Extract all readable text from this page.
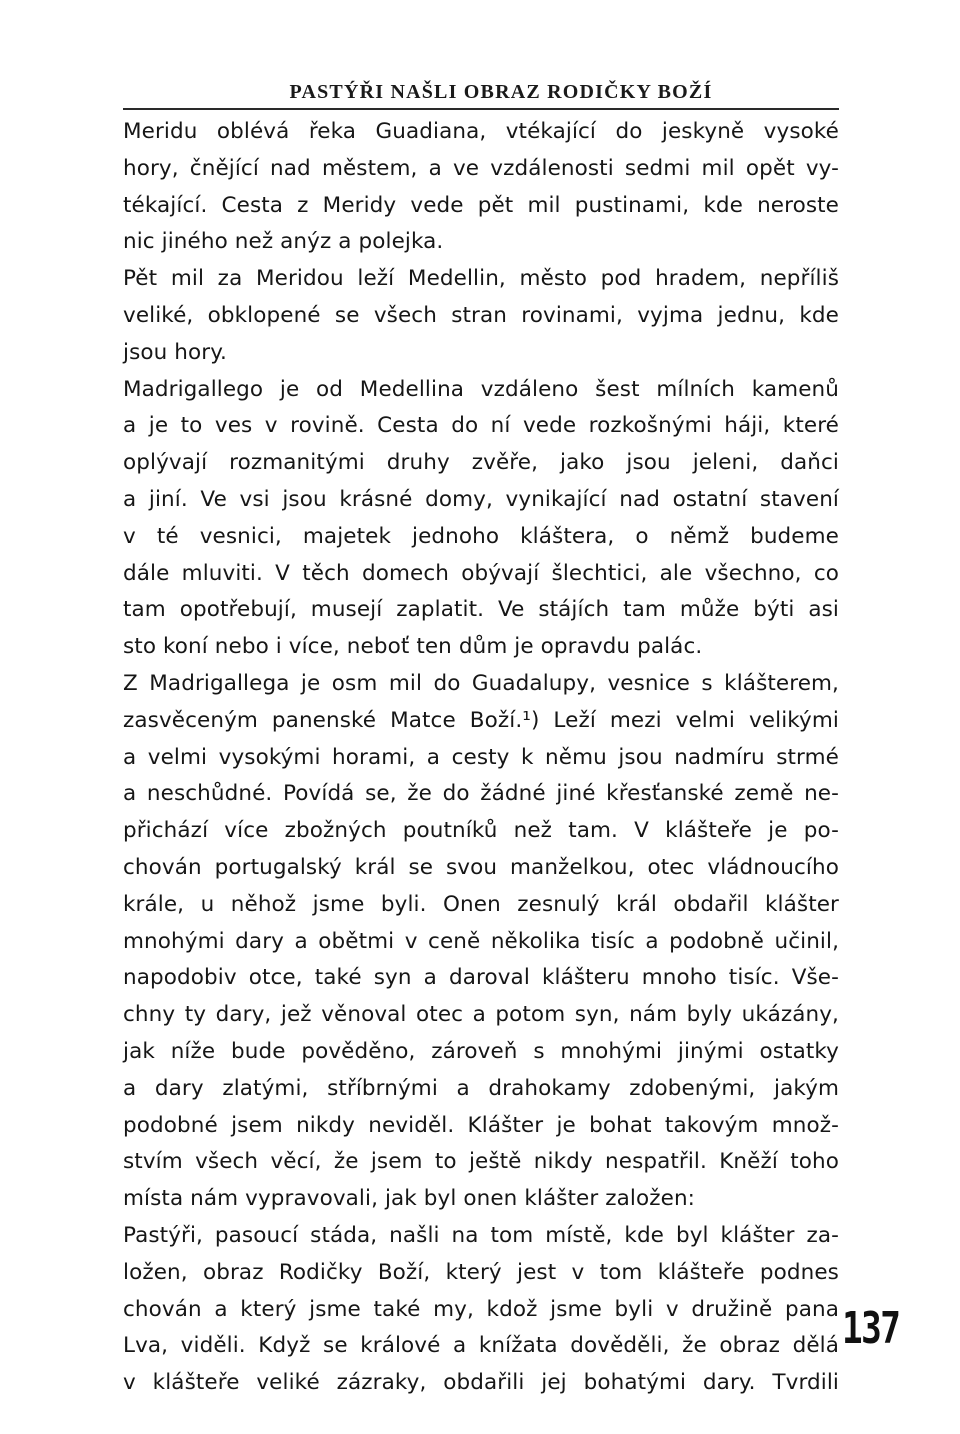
PASTÝŘI NAŠLI OBRAZ RODIČKY BOŽÍ
Meridu oblévá řeka Guadiana, vtékající do jeskyně vysoké
hory, čnějící nad městem, a ve vzdálenosti sedmi mil opět vy-
tékající. Cesta z Meridy vede pět mil pustinami, kde neroste
nic jiného než anýz a polejka.
Pět mil za Meridou leží Medellin, město pod hradem, nepříliš
veliké, obklopené se všech stran rovinami, vyjma jednu, kde
jsou hory.
Madrigallego je od Medellina vzdáleno šest mílních kamenů
a je to ves v rovině. Cesta do ní vede rozkošnými háji, které
oplývají rozmanitými druhy zvěře, jako jsou jeleni, daňci
a jiní. Ve vsi jsou krásné domy, vynikající nad ostatní stavení
v té vesnici, majetek jednoho kláštera, o němž budeme
dále mluviti. V těch domech obývají šlechtici, ale všechno, co
tam opotřebují, musejí zaplatit. Ve stájích tam může býti asi
sto koní nebo i více, neboť ten dům je opravdu palác.
Z Madrigallega je osm mil do Guadalupy, vesnice s klášterem,
zasvěceným panenské Matce Boží.¹) Leží mezi velmi velikými
a velmi vysokými horami, a cesty k němu jsou nadmíru strmé
a neschůdné. Povídá se, že do žádné jiné křesťanské země ne-
přichází více zbožných poutníků než tam. V klášteře je po-
chován portugalský král se svou manželkou, otec vládnoucího
krále, u něhož jsme byli. Onen zesnulý král obdařil klášter
mnohými dary a obětmi v ceně několika tisíc a podobně učinil,
napodobiv otce, také syn a daroval klášteru mnoho tisíc. Vše-
chny ty dary, jež věnoval otec a potom syn, nám byly ukázány,
jak níže bude pověděno, zároveň s mnohými jinými ostatky
a dary zlatými, stříbrnými a drahokamy zdobenými, jakým
podobné jsem nikdy neviděl. Klášter je bohat takovým množ-
stvím všech věcí, že jsem to ještě nikdy nespatřil. Kněží toho
místa nám vypravovali, jak byl onen klášter založen:
Pastýři, pasoucí stáda, našli na tom místě, kde byl klášter za-
ložen, obraz Rodičky Boží, který jest v tom klášteře podnes
chován a který jsme také my, kdož jsme byli v družině pana
Lva, viděli. Když se králové a knížata dověděli, že obraz dělá
v klášteře veliké zázraky, obdařili jej bohatými dary. Tvrdili
137
